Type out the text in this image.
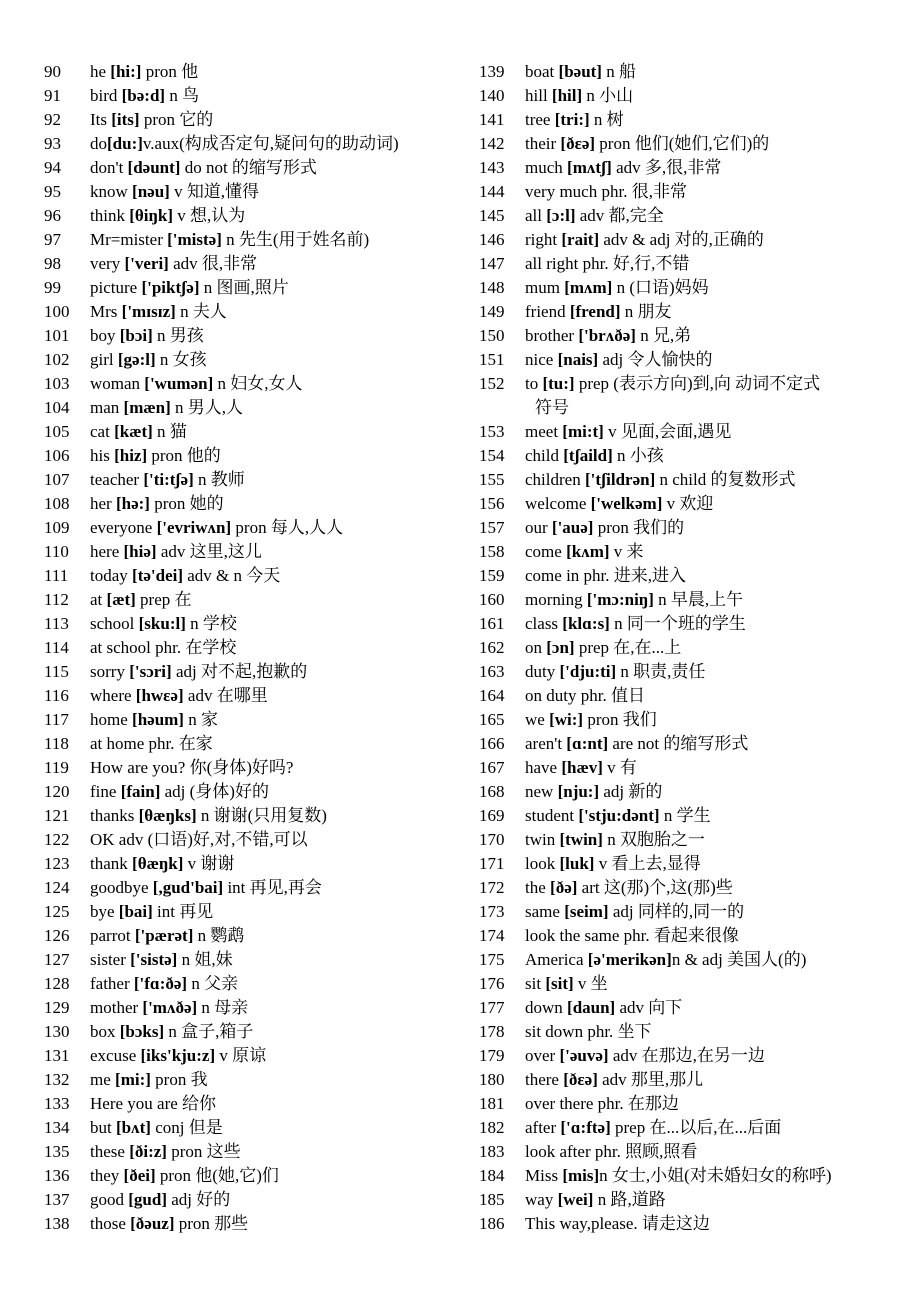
90	he [hi:] pron 他
91	bird [bə:d] n 鸟
92	Its [its] pron 它的
93	do[du:]v.aux(构成否定句,疑问句的助动词)
94	don't [dəunt] do not 的缩写形式
95	know [nəu] v 知道,懂得
96	think [θiŋk] v 想,认为
97	Mr=mister ['mistə] n 先生(用于姓名前)
98	very ['veri] adv 很,非常
99	picture ['piktʃə] n 图画,照片
100	Mrs ['mɪsɪz] n 夫人
101	boy [bɔi] n 男孩
102	girl [gə:l] n 女孩
103	woman ['wumən] n 妇女,女人
104	man [mæn] n 男人,人
105	cat [kæt] n 猫
106	his [hiz] pron 他的
107	teacher ['ti:tʃə] n 教师
108	her [hə:] pron 她的
109	everyone ['evriwʌn] pron 每人,人人
110	here [hiə] adv 这里,这儿
111	today [tə'dei] adv & n 今天
112	at [æt] prep 在
113	school [sku:l] n 学校
114	at school phr. 在学校
115	sorry ['sɔri] adj 对不起,抱歉的
116	where [hwεə] adv 在哪里
117	home [həum] n 家
118	at home phr. 在家
119	How are you? 你(身体)好吗?
120	fine [fain] adj (身体)好的
121	thanks [θæŋks] n 谢谢(只用复数)
122	OK adv (口语)好,对,不错,可以
123	thank [θæŋk] v 谢谢
124	goodbye [,gud'bai] int 再见,再会
125	bye [bai] int 再见
126	parrot ['pærət] n 鹦鹉
127	sister ['sistə] n 姐,妹
128	father ['fɑ:ðə] n 父亲
129	mother ['mʌðə] n 母亲
130	box [bɔks] n 盒子,箱子
131	excuse [iks'kju:z] v 原谅
132	me [mi:] pron 我
133	Here you are 给你
134	but [bʌt] conj 但是
135	these [ði:z] pron 这些
136	they [ðei] pron 他(她,它)们
137	good [gud] adj 好的
138	those [ðəuz] pron 那些
139	boat [bəut] n 船
140	hill [hil] n 小山
141	tree [tri:] n 树
142	their [ðεə] pron 他们(她们,它们)的
143	much [mʌtʃ] adv 多,很,非常
144	very much phr. 很,非常
145	all [ɔ:l] adv 都,完全
146	right [rait] adv & adj 对的,正确的
147	all right phr. 好,行,不错
148	mum [mʌm] n (口语)妈妈
149	friend [frend] n 朋友
150	brother ['brʌðə] n 兄,弟
151	nice [nais] adj 令人愉快的
152	to [tu:] prep (表示方向)到,向 动词不定式
符号
153	meet [mi:t] v 见面,会面,遇见
154	child [tʃaild] n 小孩
155	children ['tʃildrən] n child 的复数形式
156	welcome ['welkəm] v 欢迎
157	our ['auə] pron 我们的
158	come [kʌm] v 来
159	come in phr. 进来,进入
160	morning ['mɔ:niŋ] n 早晨,上午
161	class [klɑ:s] n 同一个班的学生
162	on [ɔn] prep 在,在...上
163	duty ['dju:ti] n 职责,责任
164	on duty phr. 值日
165	we [wi:] pron 我们
166	aren't [ɑ:nt] are not 的缩写形式
167	have [hæv] v 有
168	new [nju:] adj 新的
169	student ['stju:dənt] n 学生
170	twin [twin] n 双胞胎之一
171	look [luk] v 看上去,显得
172	the [ðə] art 这(那)个,这(那)些
173	same [seim] adj 同样的,同一的
174	look the same phr. 看起来很像
175	America [ə'merikən]n & adj 美国人(的)
176	sit [sit] v 坐
177	down [daun] adv 向下
178	sit down phr. 坐下
179	over ['əuvə] adv 在那边,在另一边
180	there [ðεə] adv 那里,那儿
181	over there phr. 在那边
182	after ['ɑ:ftə] prep 在...以后,在...后面
183	look after phr. 照顾,照看
184	Miss [mis]n 女士,小姐(对未婚妇女的称呼)
185	way [wei] n 路,道路
186	This way,please. 请走这边
